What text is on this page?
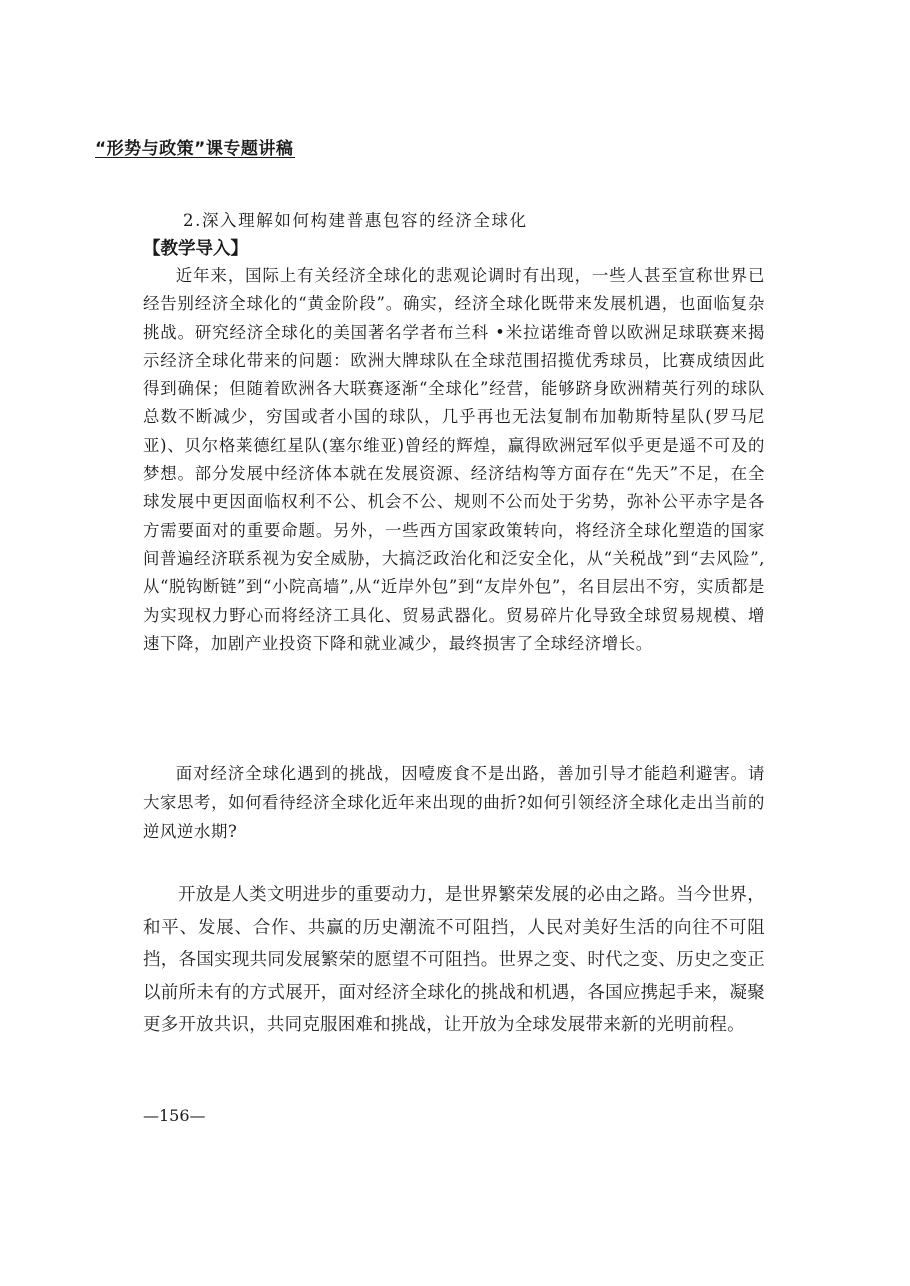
“形势与政策”课专题讲稿
2.深入理解如何构建普惠包容的经济全球化
【教学导入】

近年来，国际上有关经济全球化的悲观论调时有出现，一些人甚至宣称世界已经告别经济全球化的“黄金阶段”。确实，经济全球化既带来发展机遇，也面临复杂挑战。研究经济全球化的美国著名学者布兰科 •米拉诺维奇曾以欧洲足球联赛来揭示经济全球化带来的问题：欧洲大牌球队在全球范围招揽优秀球员，比赛成绩因此得到确保；但随着欧洲各大联赛逐渐“全球化”经营，能够跻身欧洲精英行列的球队总数不断减少，穷国或者小国的球队，几乎再也无法复制布加勒斯特星队(罗马尼亚)、贝尔格莱德红星队(塞尔维亚)曾经的辉煌，赢得欧洲冠军似乎更是遥不可及的梦想。部分发展中经济体本就在发展资源、经济结构等方面存在“先天”不足，在全球发展中更因面临权利不公、机会不公、规则不公而处于劣势，弥补公平赤字是各方需要面对的重要命题。另外，一些西方国家政策转向，将经济全球化塑造的国家间普遍经济联系视为安全威胁，大搞泛政治化和泛安全化，从“关税战”到“去风险”,从“脱钩断链”到“小院高墙”,从“近岸外包”到“友岸外包”，名目层出不穷，实质都是为实现权力野心而将经济工具化、贸易武器化。贸易碎片化导致全球贸易规模、增速下降，加剧产业投资下降和就业减少，最终损害了全球经济增长。

面对经济全球化遇到的挑战，因噎废食不是出路，善加引导才能趋利避害。请大家思考，如何看待经济全球化近年来出现的曲折?如何引领经济全球化走出当前的逆风逆水期?

开放是人类文明进步的重要动力，是世界繁荣发展的必由之路。当今世界，和平、发展、合作、共赢的历史潮流不可阻挡，人民对美好生活的向往不可阻挡，各国实现共同发展繁荣的愿望不可阻挡。世界之变、时代之变、历史之变正以前所未有的方式展开，面对经济全球化的挑战和机遇，各国应携起手来，凝聚更多开放共识，共同克服困难和挑战，让开放为全球发展带来新的光明前程。

—156—
